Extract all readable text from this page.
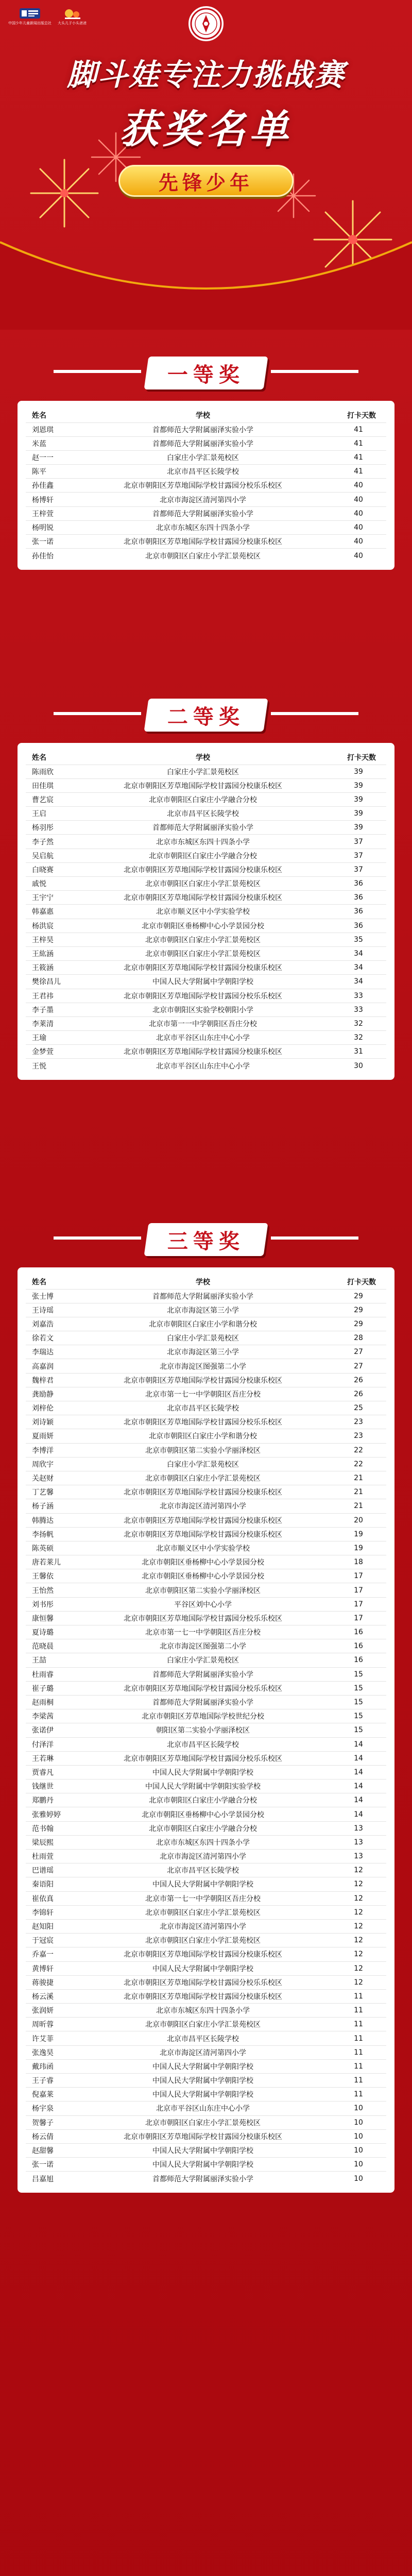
中国少年儿童新闻出版总社 大头儿子小头爸爸
脚斗娃专注力挑战赛
获奖名单
先锋少年
一等奖
姓名	学校	打卡天数
刘恩琪	首都师范大学附属丽泽实验小学	41
米蓝	首都师范大学附属丽泽实验小学	41
赵一一	白家庄小学汇景苑校区	41
陈平	北京市昌平区长陵学校	41
孙佳鑫	北京市朝阳区芳草地国际学校甘露园分校乐乐校区	40
杨博轩	北京市海淀区清河第四小学	40
王梓萱	首都师范大学附属丽泽实验小学	40
杨明锐	北京市东城区东四十四条小学	40
张一诺	北京市朝阳区芳草地国际学校甘露园分校康乐校区	40
孙佳怡	北京市朝阳区白家庄小学汇景苑校区	40
二等奖
姓名	学校	打卡天数
陈雨欣	白家庄小学汇景苑校区	39
田佳琪	北京市朝阳区芳草地国际学校甘露园分校康乐校区	39
曹艺宸	北京市朝阳区白家庄小学融合分校	39
王启	北京市昌平区长陵学校	39
杨羽彤	首都师范大学附属丽泽实验小学	39
李子然	北京市东城区东四十四条小学	37
吴启航	北京市朝阳区白家庄小学融合分校	37
白晓赛	北京市朝阳区芳草地国际学校甘露园分校康乐校区	37
戚悦	北京市朝阳区白家庄小学汇景苑校区	36
王宇宁	北京市朝阳区芳草地国际学校甘露园分校康乐校区	36
韩嘉惠	北京市顺义区中小学实验学校	36
杨洪宸	北京市朝阳区垂杨柳中心小学景园分校	36
王梓昊	北京市朝阳区白家庄小学汇景苑校区	35
王紘涵	北京市朝阳区白家庄小学汇景苑校区	34
王筱涵	北京市朝阳区芳草地国际学校甘露园分校康乐校区	34
樊徐昌儿	中国人民大学附属中学朝阳学校	34
王君祎	北京市朝阳区芳草地国际学校甘露园分校乐乐校区	33
李子墨	北京市朝阳区实验学校朝阳小学	33
李莱清	北京市第一一中学朝阳区吾庄分校	32
王瑜	北京市平谷区山东庄中心小学	32
金梦萱	北京市朝阳区芳草地国际学校甘露园分校康乐校区	31
王悦	北京市平谷区山东庄中心小学	30
三等奖
姓名	学校	打卡天数
张士博	首都师范大学附属丽泽实验小学	29
王诗瑶	北京市海淀区第三小学	29
刘嘉浩	北京市朝阳区白家庄小学和谐分校	29
徐若文	白家庄小学汇景苑校区	28
李瑞达	北京市海淀区第三小学	27
高嘉润	北京市海淀区图强第二小学	27
魏梓君	北京市朝阳区芳草地国际学校甘露园分校康乐校区	26
龚励静	北京市第一七一中学朝阳区吾庄分校	26
刘梓伦	北京市昌平区长陵学校	25
刘诗颖	北京市朝阳区芳草地国际学校甘露园分校乐乐校区	23
夏雨妍	北京市朝阳区白家庄小学和谐分校	23
李博洋	北京市朝阳区第二实验小学丽泽校区	22
周欣宇	白家庄小学汇景苑校区	22
关赵财	北京市朝阳区白家庄小学汇景苑校区	21
丁艺馨	北京市朝阳区芳草地国际学校甘露园分校康乐校区	21
杨子涵	北京市海淀区清河第四小学	21
韩腾达	北京市朝阳区芳草地国际学校甘露园分校康乐校区	20
李扬帆	北京市朝阳区芳草地国际学校甘露园分校康乐校区	19
陈英硕	北京市顺义区中小学实验学校	19
唐若莱儿	北京市朝阳区垂杨柳中心小学景园分校	18
王馨依	北京市朝阳区垂杨柳中心小学景园分校	17
王怡然	北京市朝阳区第二实验小学丽泽校区	17
刘书彤	平谷区刘中心小学	17
康恒馨	北京市朝阳区芳草地国际学校甘露园分校乐乐校区	17
夏诗璐	北京市第一七一中学朝阳区吾庄分校	16
范晓晨	北京市海淀区图强第二小学	16
王喆	白家庄小学汇景苑校区	16
杜雨睿	首都师范大学附属丽泽实验小学	15
崔子璐	北京市朝阳区芳草地国际学校甘露园分校乐乐校区	15
赵雨桐	首都师范大学附属丽泽实验小学	15
李梁茜	北京市朝阳区芳草地国际学校世纪分校	15
张诺伊	朝阳区第二实验小学丽泽校区	15
付泽洋	北京市昌平区长陵学校	14
王若琳	北京市朝阳区芳草地国际学校甘露园分校乐乐校区	14
贾睿凡	中国人民大学附属中学朝阳学校	14
钱继世	中国人民大学附属中学朝阳实验学校	14
郑鹏丹	北京市朝阳区白家庄小学融合分校	14
张雅婷婷	北京市朝阳区垂杨柳中心小学景园分校	14
范书翰	北京市朝阳区白家庄小学融合分校	13
梁辰熙	北京市东城区东四十四条小学	13
杜雨萱	北京市海淀区清河第四小学	13
巴谱瑶	北京市昌平区长陵学校	12
秦语阳	中国人民大学附属中学朝阳学校	12
崔依真	北京市第一七一中学朝阳区吾庄分校	12
李锦轩	北京市朝阳区白家庄小学汇景苑校区	12
赵知阳	北京市海淀区清河第四小学	12
于冠宸	北京市朝阳区白家庄小学汇景苑校区	12
乔嘉一	北京市朝阳区芳草地国际学校甘露园分校康乐校区	12
黄博轩	中国人民大学附属中学朝阳学校	12
蒋骏捷	北京市朝阳区芳草地国际学校甘露园分校乐乐校区	12
杨云溪	北京市朝阳区芳草地国际学校甘露园分校康乐校区	11
张润妍	北京市东城区东四十四条小学	11
周昕蓉	北京市朝阳区白家庄小学汇景苑校区	11
许艾菲	北京市昌平区长陵学校	11
张逸昊	北京市海淀区清河第四小学	11
戴玮函	中国人民大学附属中学朝阳学校	11
王子睿	中国人民大学附属中学朝阳学校	11
倪嘉莱	中国人民大学附属中学朝阳学校	11
杨宇泉	北京市平谷区山东庄中心小学	10
贺馨子	北京市朝阳区白家庄小学汇景苑校区	10
杨云倩	北京市朝阳区芳草地国际学校甘露园分校康乐校区	10
赵甜馨	中国人民大学附属中学朝阳学校	10
张一诺	中国人民大学附属中学朝阳学校	10
吕嘉旭	首都师范大学附属丽泽实验小学	10
